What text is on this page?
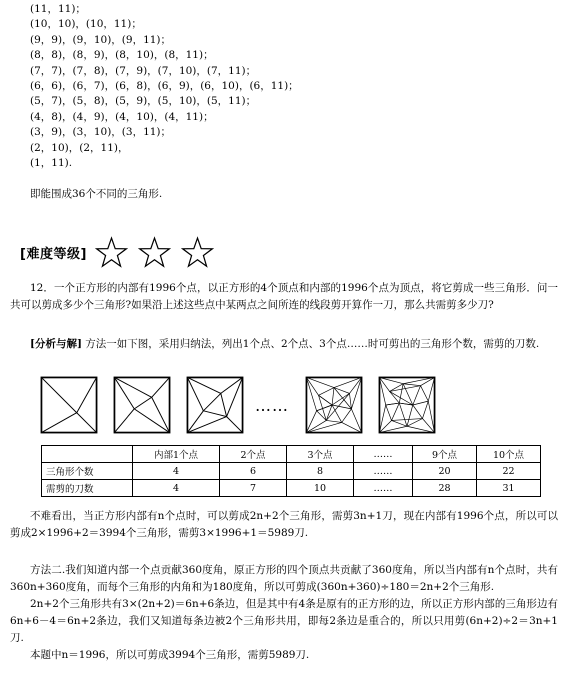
(11，11)；
(10，10)，(10，11)；
(9，9)，(9，10)，(9，11)；
(8，8)，(8，9)，(8，10)，(8，11)；
(7，7)，(7，8)，(7，9)，(7，10)，(7，11)；
(6，6)，(6，7)，(6，8)，(6，9)，(6，10)，(6，11)；
(5，7)，(5，8)，(5，9)，(5，10)，(5，11)；
(4，8)，(4，9)，(4，10)，(4，11)；
(3，9)，(3，10)，(3，11)；
(2，10)，(2，11)，
(1，11).
即能围成36个不同的三角形.
[难度等级]
12．一个正方形的内部有1996个点，以正方形的4个顶点和内部的1996个点为顶点，将它剪成一些三角形．问一共可以剪成多少个三角形?如果沿上述这些点中某两点之间所连的线段剪开算作一刀，那么共需剪多少刀?
[分析与解] 方法一如下图，采用归纳法，列出1个点、2个点、3个点……时可剪出的三角形个数，需剪的刀数.
……
	内部1个点	2个点	3个点	……	9个点	10个点
三角形个数	4	6	8	……	20	22
需剪的刀数	4	7	10	……	28	31
不难看出，当正方形内部有n个点时，可以剪成2n+2个三角形，需剪3n+1刀，现在内部有1996个点，所以可以剪成2×1996+2＝3994个三角形，需剪3×1996+1＝5989刀.
方法二.我们知道内部一个点贡献360度角，原正方形的四个顶点共贡献了360度角，所以当内部有n个点时，共有360n+360度角，而每个三角形的内角和为180度角，所以可剪成(360n+360)÷180＝2n+2个三角形.
2n+2个三角形共有3×(2n+2)＝6n+6条边，但是其中有4条是原有的正方形的边，所以正方形内部的三角形边有6n+6－4＝6n+2条边，我们又知道每条边被2个三角形共用，即每2条边是重合的，所以只用剪(6n+2)÷2＝3n+1刀.
本题中n＝1996，所以可剪成3994个三角形，需剪5989刀.
